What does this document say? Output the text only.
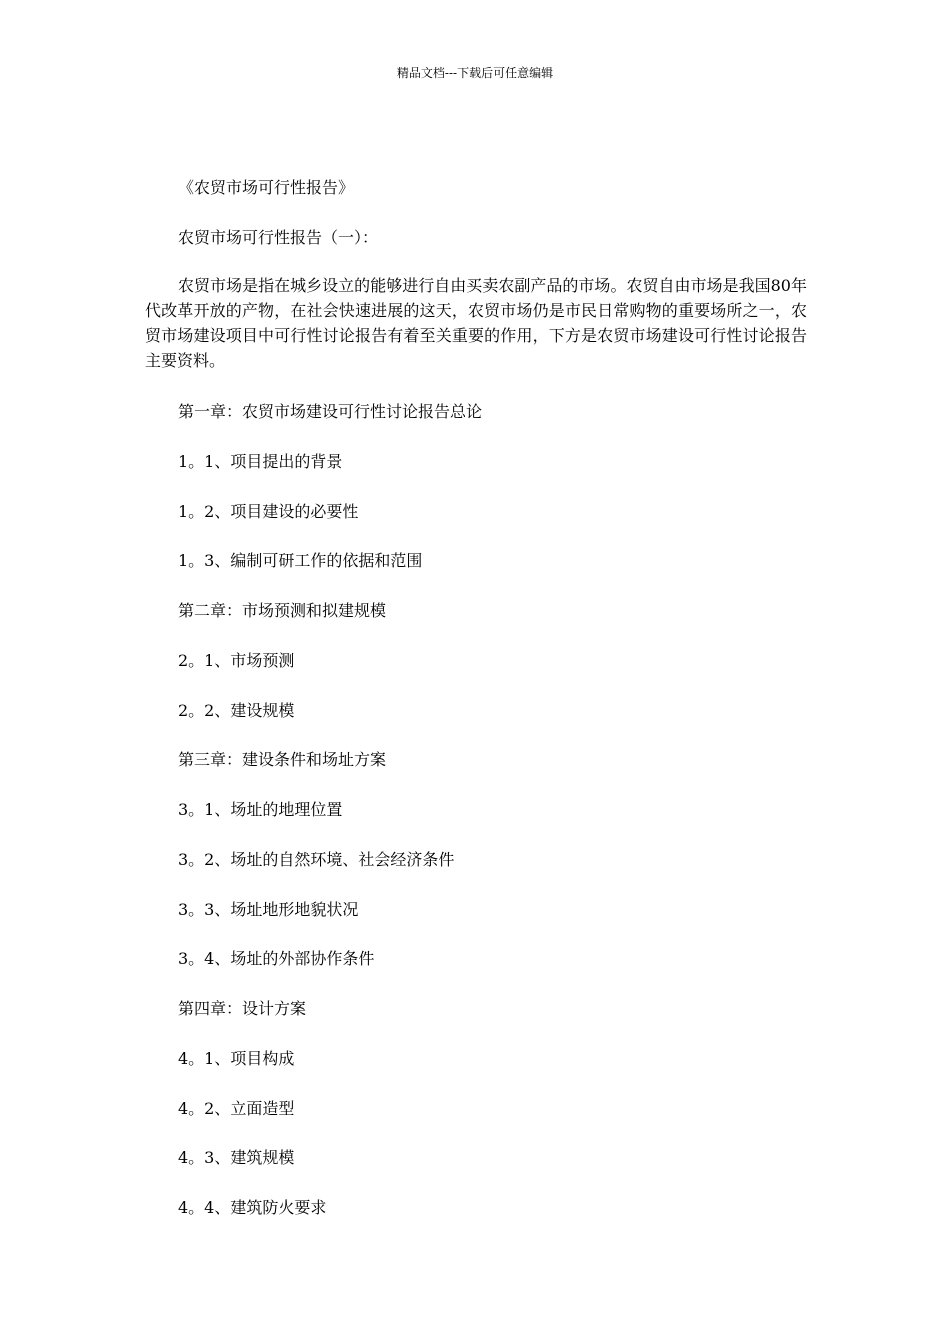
精品文档---下载后可任意编辑
《农贸市场可行性报告》
农贸市场可行性报告（一）：
农贸市场是指在城乡设立的能够进行自由买卖农副产品的市场。农贸自由市场是我国80年代改革开放的产物，在社会快速进展的这天，农贸市场仍是市民日常购物的重要场所之一，农贸市场建设项目中可行性讨论报告有着至关重要的作用，下方是农贸市场建设可行性讨论报告主要资料。
第一章：农贸市场建设可行性讨论报告总论
1。1、项目提出的背景
1。2、项目建设的必要性
1。3、编制可研工作的依据和范围
第二章：市场预测和拟建规模
2。1、市场预测
2。2、建设规模
第三章：建设条件和场址方案
3。1、场址的地理位置
3。2、场址的自然环境、社会经济条件
3。3、场址地形地貌状况
3。4、场址的外部协作条件
第四章：设计方案
4。1、项目构成
4。2、立面造型
4。3、建筑规模
4。4、建筑防火要求
